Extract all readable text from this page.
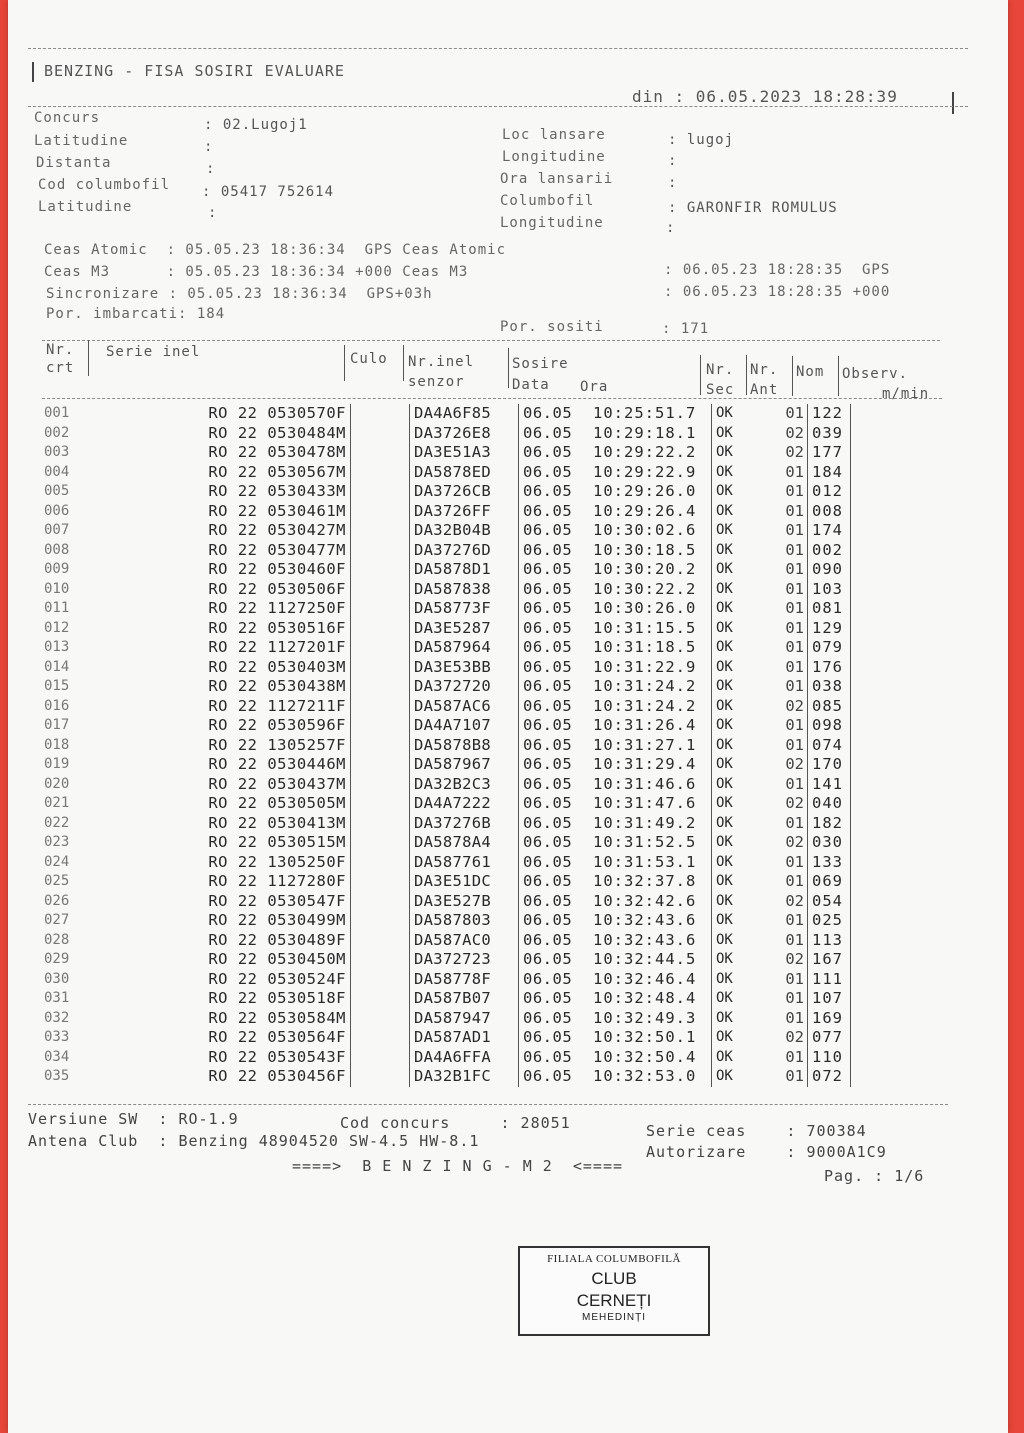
BENZING - FISA SOSIRI EVALUARE
din : 06.05.2023 18:28:39
Concurs	: 02.Lugoj1
Latitudine	:
Distanta	:
Cod columbofil : 05417 752614
Latitudine	:
Loc lansare	: lugoj
Longitudine	:
Ora lansarii	:
Columbofil	: GARONFIR ROMULUS
Longitudine	:
Ceas Atomic  : 05.05.23 18:36:34  GPS Ceas Atomic
: 06.05.23 18:28:35  GPS
Ceas M3      : 05.05.23 18:36:34 +000 Ceas M3
: 06.05.23 18:28:35 +000
Sincronizare : 05.05.23 18:36:34  GPS+03h
Por. imbarcati: 184
Por. sositi	: 171
Nr.
crt
Serie inel	Culo Nr.inel
senzor
Sosire
Data Ora
Nr.
Sec
Nr.
Ant
Nom Observ.
m/min
001	RO 22 0530570F		DA4A6F85	06.05	10:25:51.7	OK	01	122
002	RO 22 0530484M		DA3726E8	06.05	10:29:18.1	OK	02	039
003	RO 22 0530478M		DA3E51A3	06.05	10:29:22.2	OK	02	177
004	RO 22 0530567M		DA5878ED	06.05	10:29:22.9	OK	01	184
005	RO 22 0530433M		DA3726CB	06.05	10:29:26.0	OK	01	012
006	RO 22 0530461M		DA3726FF	06.05	10:29:26.4	OK	01	008
007	RO 22 0530427M		DA32B04B	06.05	10:30:02.6	OK	01	174
008	RO 22 0530477M		DA37276D	06.05	10:30:18.5	OK	01	002
009	RO 22 0530460F		DA5878D1	06.05	10:30:20.2	OK	01	090
010	RO 22 0530506F		DA587838	06.05	10:30:22.2	OK	01	103
011	RO 22 1127250F		DA58773F	06.05	10:30:26.0	OK	01	081
012	RO 22 0530516F		DA3E5287	06.05	10:31:15.5	OK	01	129
013	RO 22 1127201F		DA587964	06.05	10:31:18.5	OK	01	079
014	RO 22 0530403M		DA3E53BB	06.05	10:31:22.9	OK	01	176
015	RO 22 0530438M		DA372720	06.05	10:31:24.2	OK	01	038
016	RO 22 1127211F		DA587AC6	06.05	10:31:24.2	OK	02	085
017	RO 22 0530596F		DA4A7107	06.05	10:31:26.4	OK	01	098
018	RO 22 1305257F		DA5878B8	06.05	10:31:27.1	OK	01	074
019	RO 22 0530446M		DA587967	06.05	10:31:29.4	OK	02	170
020	RO 22 0530437M		DA32B2C3	06.05	10:31:46.6	OK	01	141
021	RO 22 0530505M		DA4A7222	06.05	10:31:47.6	OK	02	040
022	RO 22 0530413M		DA37276B	06.05	10:31:49.2	OK	01	182
023	RO 22 0530515M		DA5878A4	06.05	10:31:52.5	OK	02	030
024	RO 22 1305250F		DA587761	06.05	10:31:53.1	OK	01	133
025	RO 22 1127280F		DA3E51DC	06.05	10:32:37.8	OK	01	069
026	RO 22 0530547F		DA3E527B	06.05	10:32:42.6	OK	02	054
027	RO 22 0530499M		DA587803	06.05	10:32:43.6	OK	01	025
028	RO 22 0530489F		DA587AC0	06.05	10:32:43.6	OK	01	113
029	RO 22 0530450M		DA372723	06.05	10:32:44.5	OK	02	167
030	RO 22 0530524F		DA58778F	06.05	10:32:46.4	OK	01	111
031	RO 22 0530518F		DA587B07	06.05	10:32:48.4	OK	01	107
032	RO 22 0530584M		DA587947	06.05	10:32:49.3	OK	01	169
033	RO 22 0530564F		DA587AD1	06.05	10:32:50.1	OK	02	077
034	RO 22 0530543F		DA4A6FFA	06.05	10:32:50.4	OK	01	110
035	RO 22 0530456F		DA32B1FC	06.05	10:32:53.0	OK	01	072
Versiune SW  : RO-1.9	Cod concurs     : 28051	Serie ceas    : 700384
Antena Club  : Benzing 48904520 SW-4.5 HW-8.1
Autorizare    : 9000A1C9
====>  B E N Z I N G - M 2  <====
Pag. : 1/6
FILIALA COLUMBOFILĂ
CLUB
CERNEȚI
MEHEDINȚI
